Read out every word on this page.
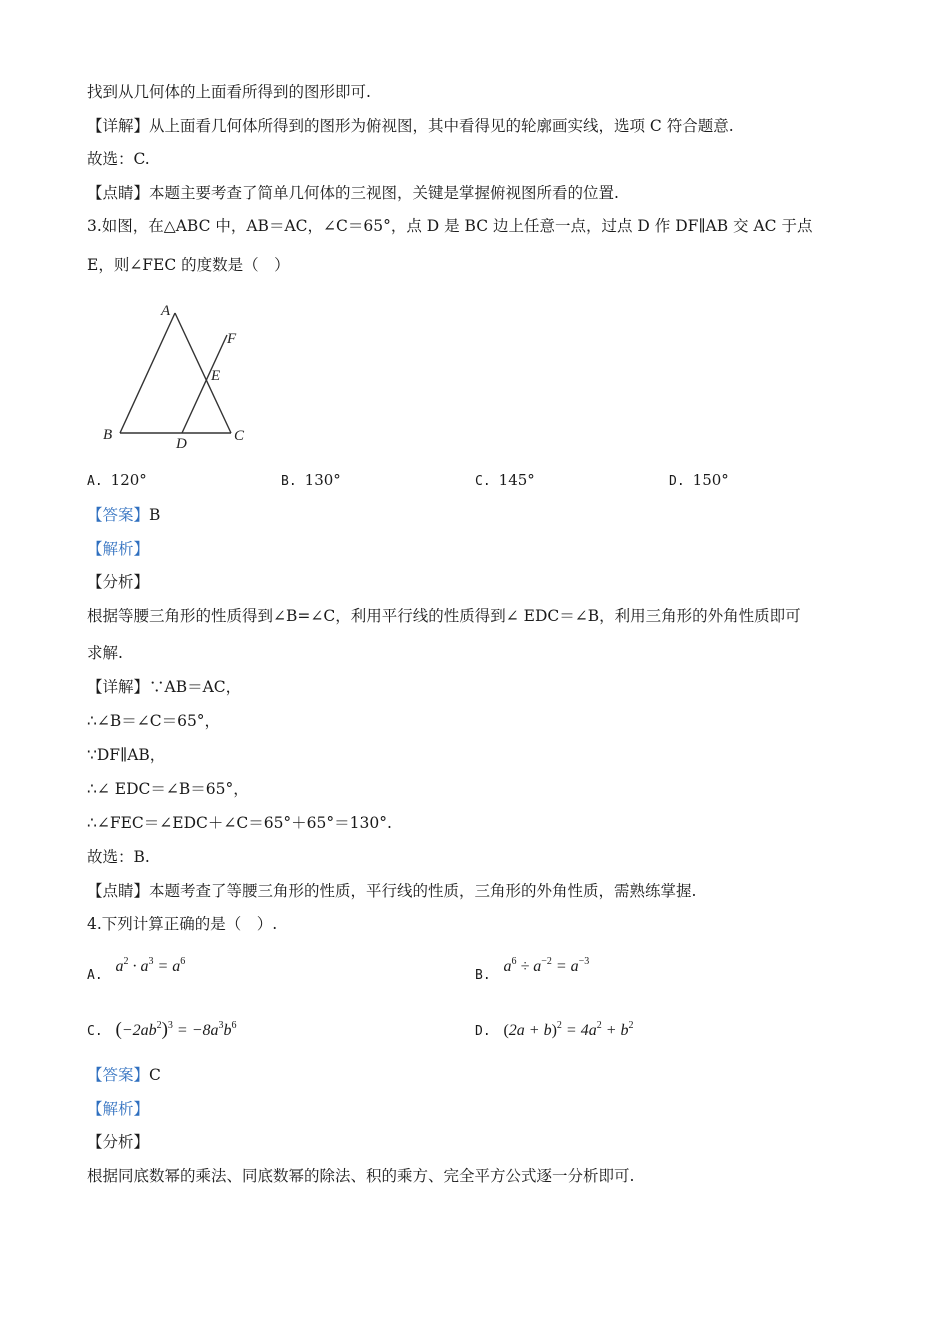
找到从几何体的上面看所得到的图形即可.
【详解】从上面看几何体所得到的图形为俯视图，其中看得见的轮廓画实线，选项 C 符合题意.
故选：C.
【点睛】本题主要考查了简单几何体的三视图，关键是掌握俯视图所看的位置.
3.如图，在△ABC 中，AB＝AC，∠C＝65°，点 D 是 BC 边上任意一点，过点 D 作 DF∥AB 交 AC 于点
E，则∠FEC 的度数是（　）
A
B	C
D
E
F
A. 120°	B. 130°	C. 145°	D. 150°
【答案】B
【解析】
【分析】
根据等腰三角形的性质得到∠B=∠C，利用平行线的性质得到∠ EDC＝∠B，利用三角形的外角性质即可
求解.
【详解】∵AB＝AC，
∴∠B＝∠C＝65°，
∵DF∥AB，
∴∠ EDC＝∠B＝65°，
∴∠FEC＝∠EDC＋∠C＝65°＋65°＝130°.
故选：B.
【点睛】本题考查了等腰三角形的性质，平行线的性质，三角形的外角性质，需熟练掌握.
4.下列计算正确的是（　）.
A. $a^2 \cdot a^3 = a^6$
B. $a^6 \div a^{-2} = a^{-3}$
C. $(-2ab^2)^3 = -8a^3b^6$	D. $(2a + b)^2 = 4a^2 + b^2$
【答案】C
【解析】
【分析】
根据同底数幂的乘法、同底数幂的除法、积的乘方、完全平方公式逐一分析即可.
